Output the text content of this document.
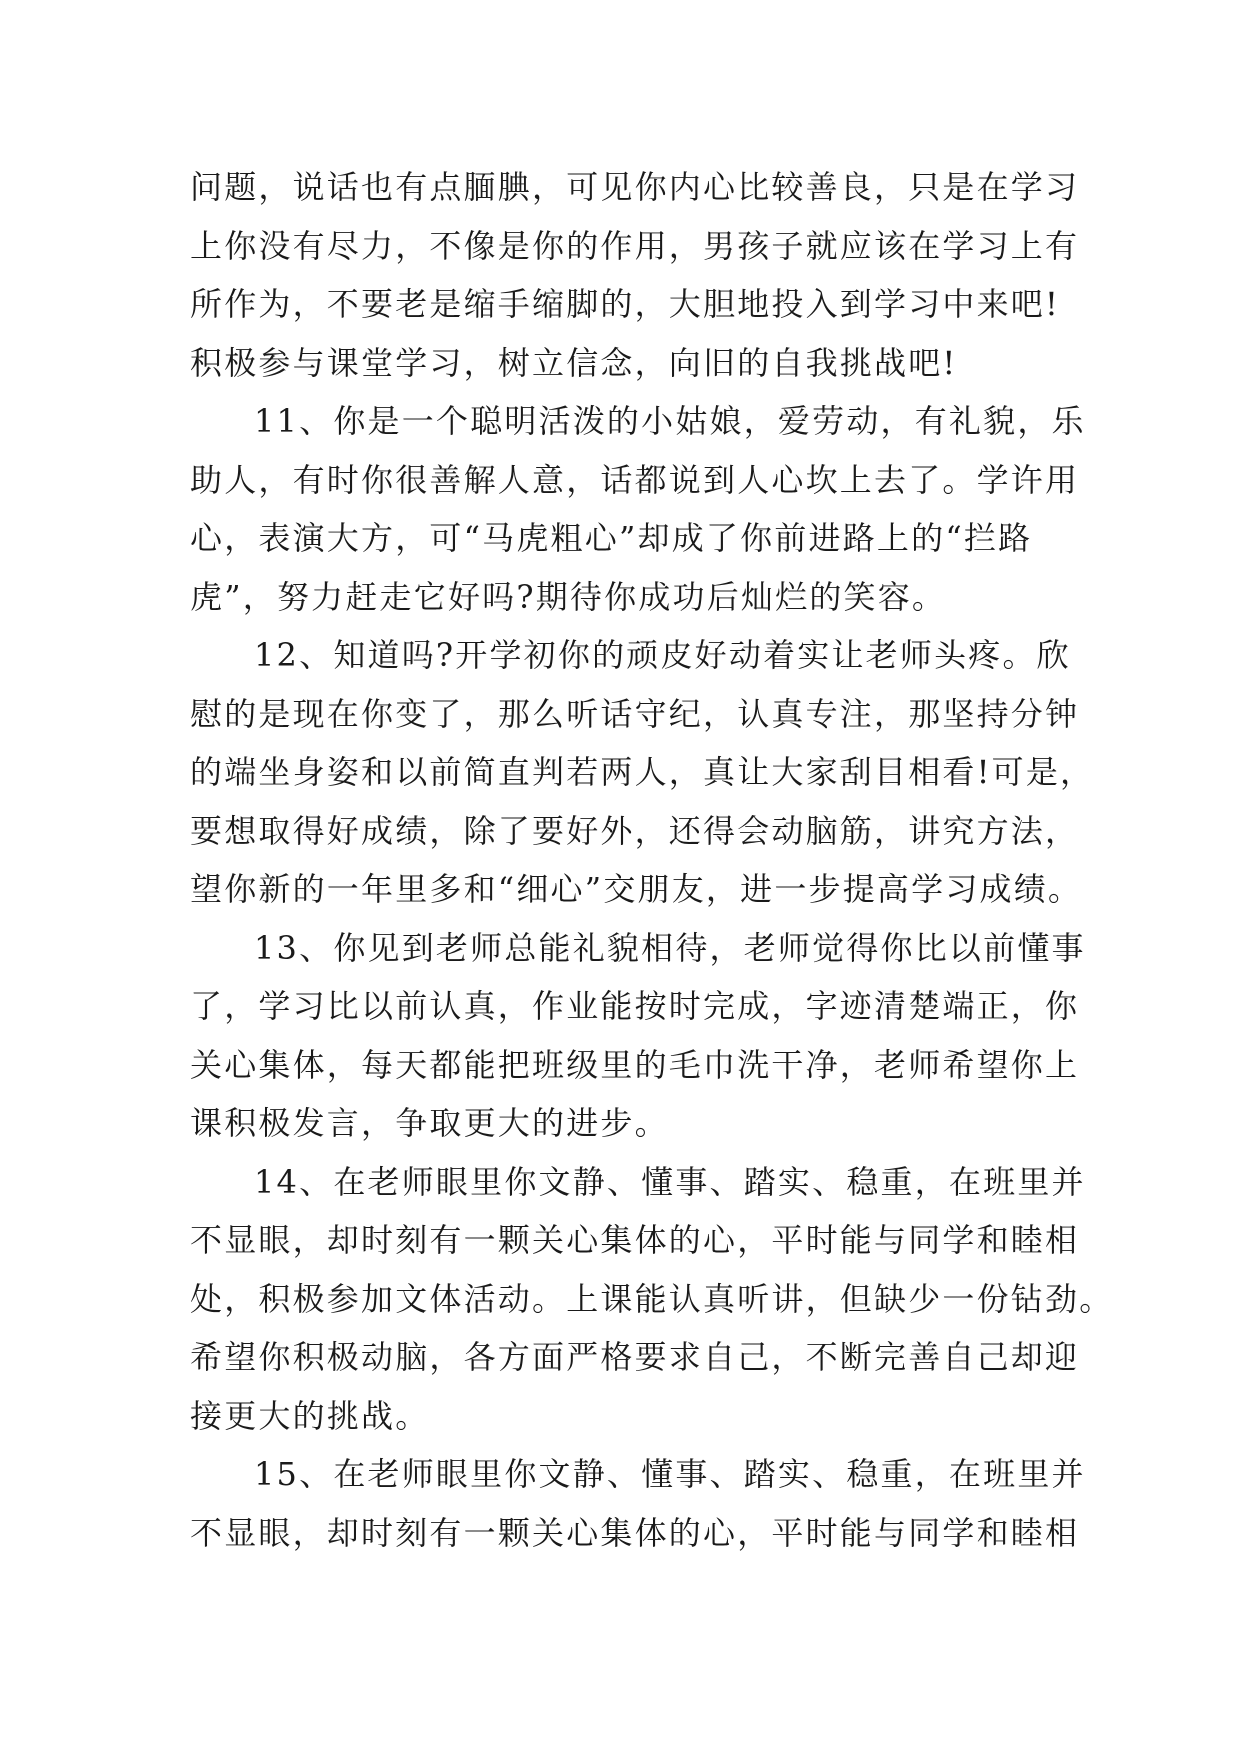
问题，说话也有点腼腆，可见你内心比较善良，只是在学习
上你没有尽力，不像是你的作用，男孩子就应该在学习上有
所作为，不要老是缩手缩脚的，大胆地投入到学习中来吧!
积极参与课堂学习，树立信念，向旧的自我挑战吧!
11、你是一个聪明活泼的小姑娘，爱劳动，有礼貌，乐
助人，有时你很善解人意，话都说到人心坎上去了。学许用
心，表演大方，可“马虎粗心”却成了你前进路上的“拦路
虎”，努力赶走它好吗?期待你成功后灿烂的笑容。
12、知道吗?开学初你的顽皮好动着实让老师头疼。欣
慰的是现在你变了，那么听话守纪，认真专注，那坚持分钟
的端坐身姿和以前简直判若两人，真让大家刮目相看!可是，
要想取得好成绩，除了要好外，还得会动脑筋，讲究方法，
望你新的一年里多和“细心”交朋友，进一步提高学习成绩。
13、你见到老师总能礼貌相待，老师觉得你比以前懂事
了，学习比以前认真，作业能按时完成，字迹清楚端正，你
关心集体，每天都能把班级里的毛巾洗干净，老师希望你上
课积极发言，争取更大的进步。
14、在老师眼里你文静、懂事、踏实、稳重，在班里并
不显眼，却时刻有一颗关心集体的心，平时能与同学和睦相
处，积极参加文体活动。上课能认真听讲，但缺少一份钻劲。
希望你积极动脑，各方面严格要求自己，不断完善自己却迎
接更大的挑战。
15、在老师眼里你文静、懂事、踏实、稳重，在班里并
不显眼，却时刻有一颗关心集体的心，平时能与同学和睦相
